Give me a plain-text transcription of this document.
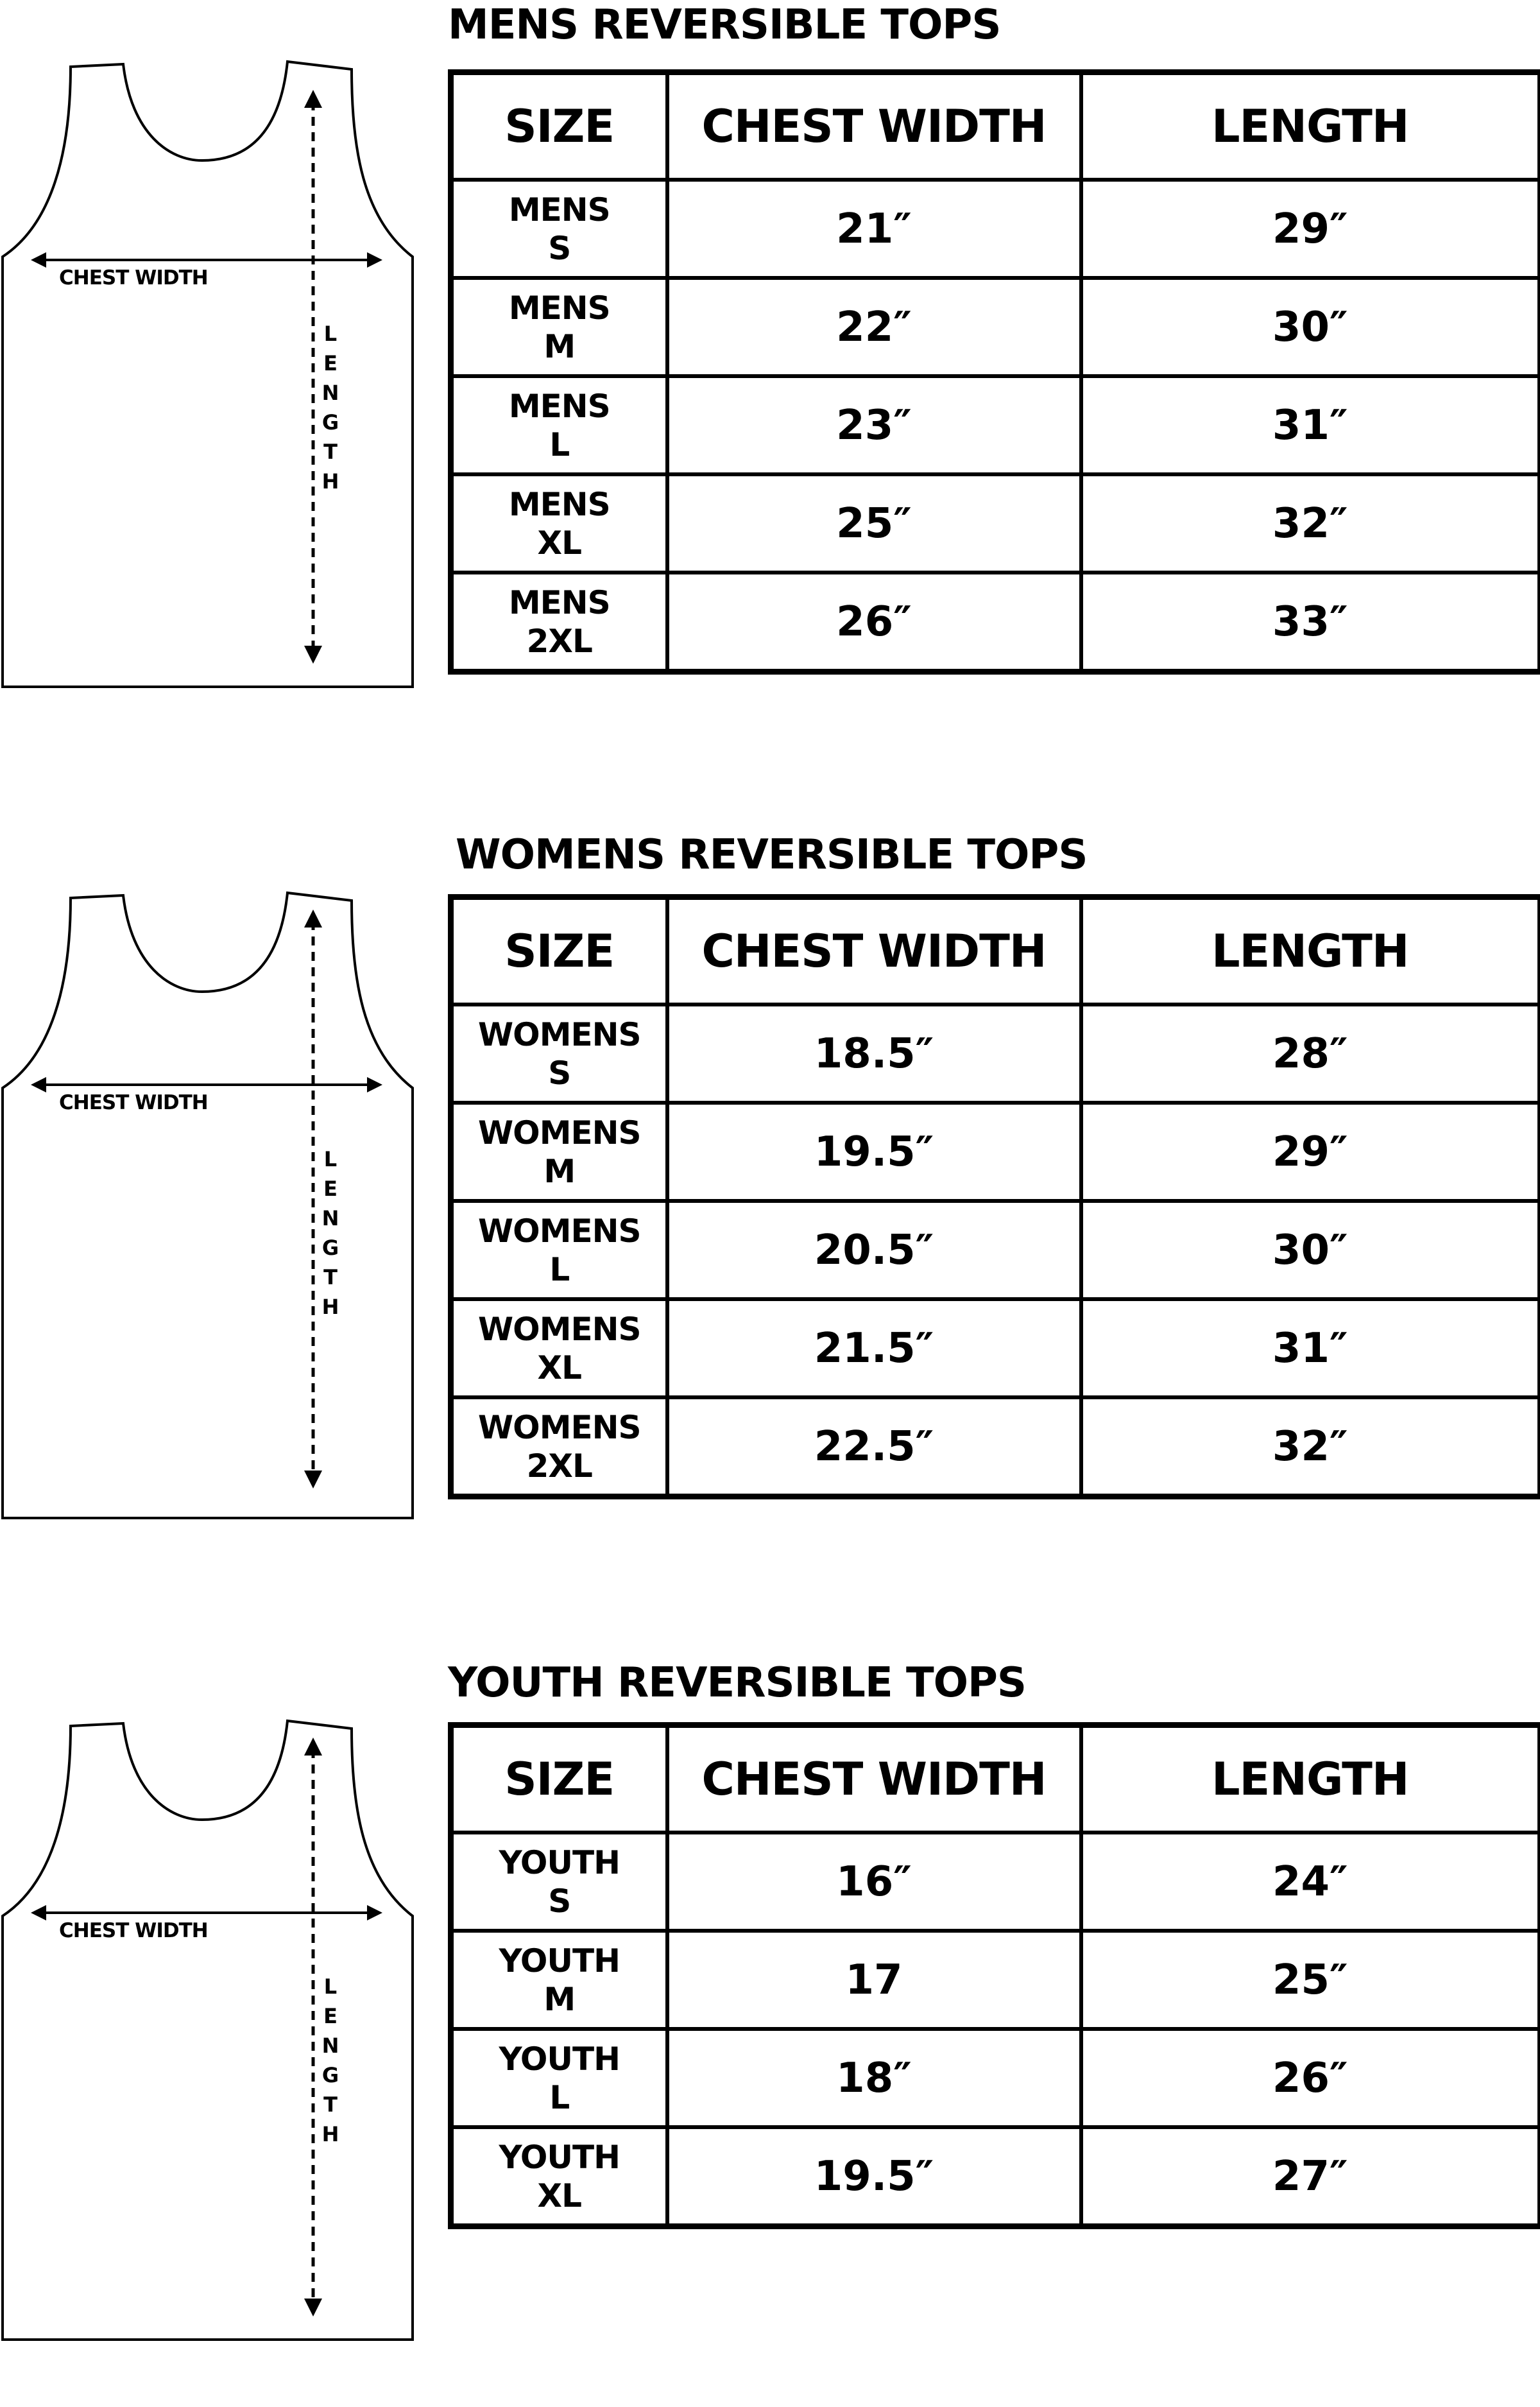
MENS REVERSIBLE TOPS
CHEST WIDTH
L
E
N
G
T
H
SIZE	CHEST WIDTH	LENGTH

MENS
S	21″	29″

MENS
M	22″	30″

MENS
L	23″	31″

MENS
XL	25″	32″

MENS
2XL	26″	33″
WOMENS REVERSIBLE TOPS
CHEST WIDTH
L
E
N
G
T
H
SIZE	CHEST WIDTH	LENGTH

WOMENS
S	18.5″	28″

WOMENS
M	19.5″	29″

WOMENS
L	20.5″	30″

WOMENS
XL	21.5″	31″

WOMENS
2XL	22.5″	32″
YOUTH REVERSIBLE TOPS
CHEST WIDTH
L
E
N
G
T
H
SIZE	CHEST WIDTH	LENGTH

YOUTH
S	16″	24″

YOUTH
M	17	25″

YOUTH
L	18″	26″

YOUTH
XL	19.5″	27″
